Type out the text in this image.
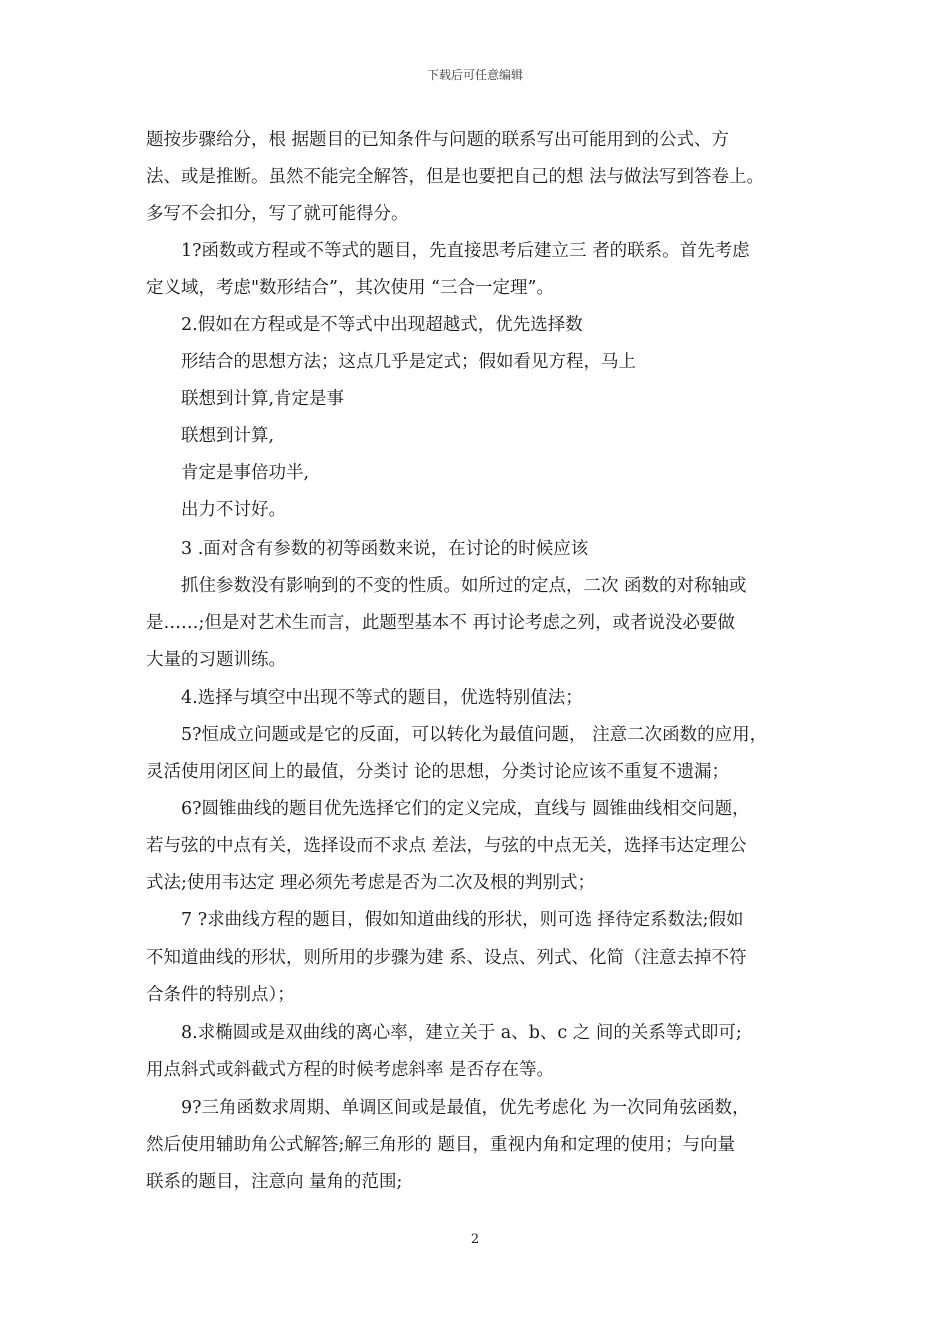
下载后可任意编辑
题按步骤给分，根 据题目的已知条件与问题的联系写出可能用到的公式、方
法、或是推断。虽然不能完全解答，但是也要把自己的想 法与做法写到答卷上。
多写不会扣分，写了就可能得分。
1?函数或方程或不等式的题目，先直接思考后建立三 者的联系。首先考虑
定义域，考虑"数形结合”，其次使用 “三合一定理”。
2.假如在方程或是不等式中出现超越式，优先选择数
形结合的思想方法；这点几乎是定式；假如看见方程，马上
联想到计算,肯定是事
联想到计算,
肯定是事倍功半,
出力不讨好。
3 .面对含有参数的初等函数来说，在讨论的时候应该
抓住参数没有影响到的不变的性质。如所过的定点，二次 函数的对称轴或
是……;但是对艺术生而言，此题型基本不 再讨论考虑之列，或者说没必要做
大量的习题训练。
4.选择与填空中出现不等式的题目，优选特别值法；
5?恒成立问题或是它的反面，可以转化为最值问题， 注意二次函数的应用，
灵活使用闭区间上的最值，分类讨 论的思想，分类讨论应该不重复不遗漏；
6?圆锥曲线的题目优先选择它们的定义完成，直线与 圆锥曲线相交问题，
若与弦的中点有关，选择设而不求点 差法，与弦的中点无关，选择韦达定理公
式法;使用韦达定 理必须先考虑是否为二次及根的判别式；
7 ?求曲线方程的题目，假如知道曲线的形状，则可选 择待定系数法;假如
不知道曲线的形状，则所用的步骤为建 系、设点、列式、化简（注意去掉不符
合条件的特别点）；
8.求椭圆或是双曲线的离心率，建立关于 a、b、c 之 间的关系等式即可;
用点斜式或斜截式方程的时候考虑斜率 是否存在等。
9?三角函数求周期、单调区间或是最值，优先考虑化 为一次同角弦函数，
然后使用辅助角公式解答;解三角形的 题目，重视内角和定理的使用；与向量
联系的题目，注意向 量角的范围;
2
